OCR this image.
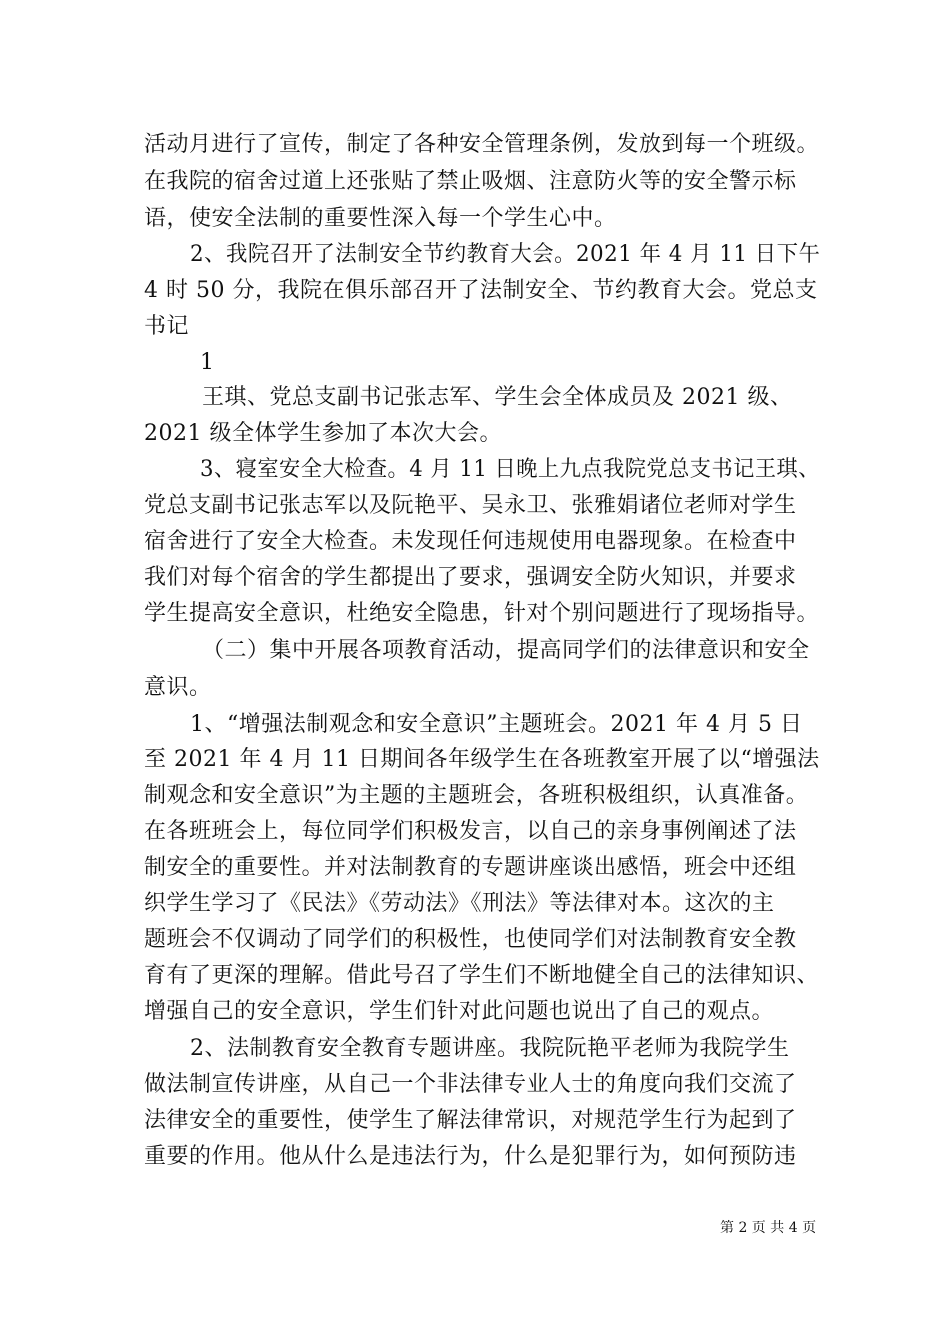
活动月进行了宣传，制定了各种安全管理条例，发放到每一个班级。
在我院的宿舍过道上还张贴了禁止吸烟、注意防火等的安全警示标
语，使安全法制的重要性深入每一个学生心中。
2、我院召开了法制安全节约教育大会。2021 年 4 月 11 日下午
4 时 50 分，我院在俱乐部召开了法制安全、节约教育大会。党总支
书记
1
王琪、党总支副书记张志军、学生会全体成员及 2021 级、
2021 级全体学生参加了本次大会。
3、寝室安全大检查。4 月 11 日晚上九点我院党总支书记王琪、
党总支副书记张志军以及阮艳平、吴永卫、张雅娟诸位老师对学生
宿舍进行了安全大检查。未发现任何违规使用电器现象。在检查中
我们对每个宿舍的学生都提出了要求，强调安全防火知识，并要求
学生提高安全意识，杜绝安全隐患，针对个别问题进行了现场指导。
（二）集中开展各项教育活动，提高同学们的法律意识和安全
意识。
1、“增强法制观念和安全意识”主题班会。2021 年 4 月 5 日
至 2021 年 4 月 11 日期间各年级学生在各班教室开展了以“增强法
制观念和安全意识”为主题的主题班会，各班积极组织，认真准备。
在各班班会上，每位同学们积极发言，以自己的亲身事例阐述了法
制安全的重要性。并对法制教育的专题讲座谈出感悟，班会中还组
织学生学习了《民法》《劳动法》《刑法》等法律对本。这次的主
题班会不仅调动了同学们的积极性，也使同学们对法制教育安全教
育有了更深的理解。借此号召了学生们不断地健全自己的法律知识、
增强自己的安全意识，学生们针对此问题也说出了自己的观点。
2、法制教育安全教育专题讲座。我院阮艳平老师为我院学生
做法制宣传讲座，从自己一个非法律专业人士的角度向我们交流了
法律安全的重要性，使学生了解法律常识，对规范学生行为起到了
重要的作用。他从什么是违法行为，什么是犯罪行为，如何预防违
第 2 页 共 4 页
